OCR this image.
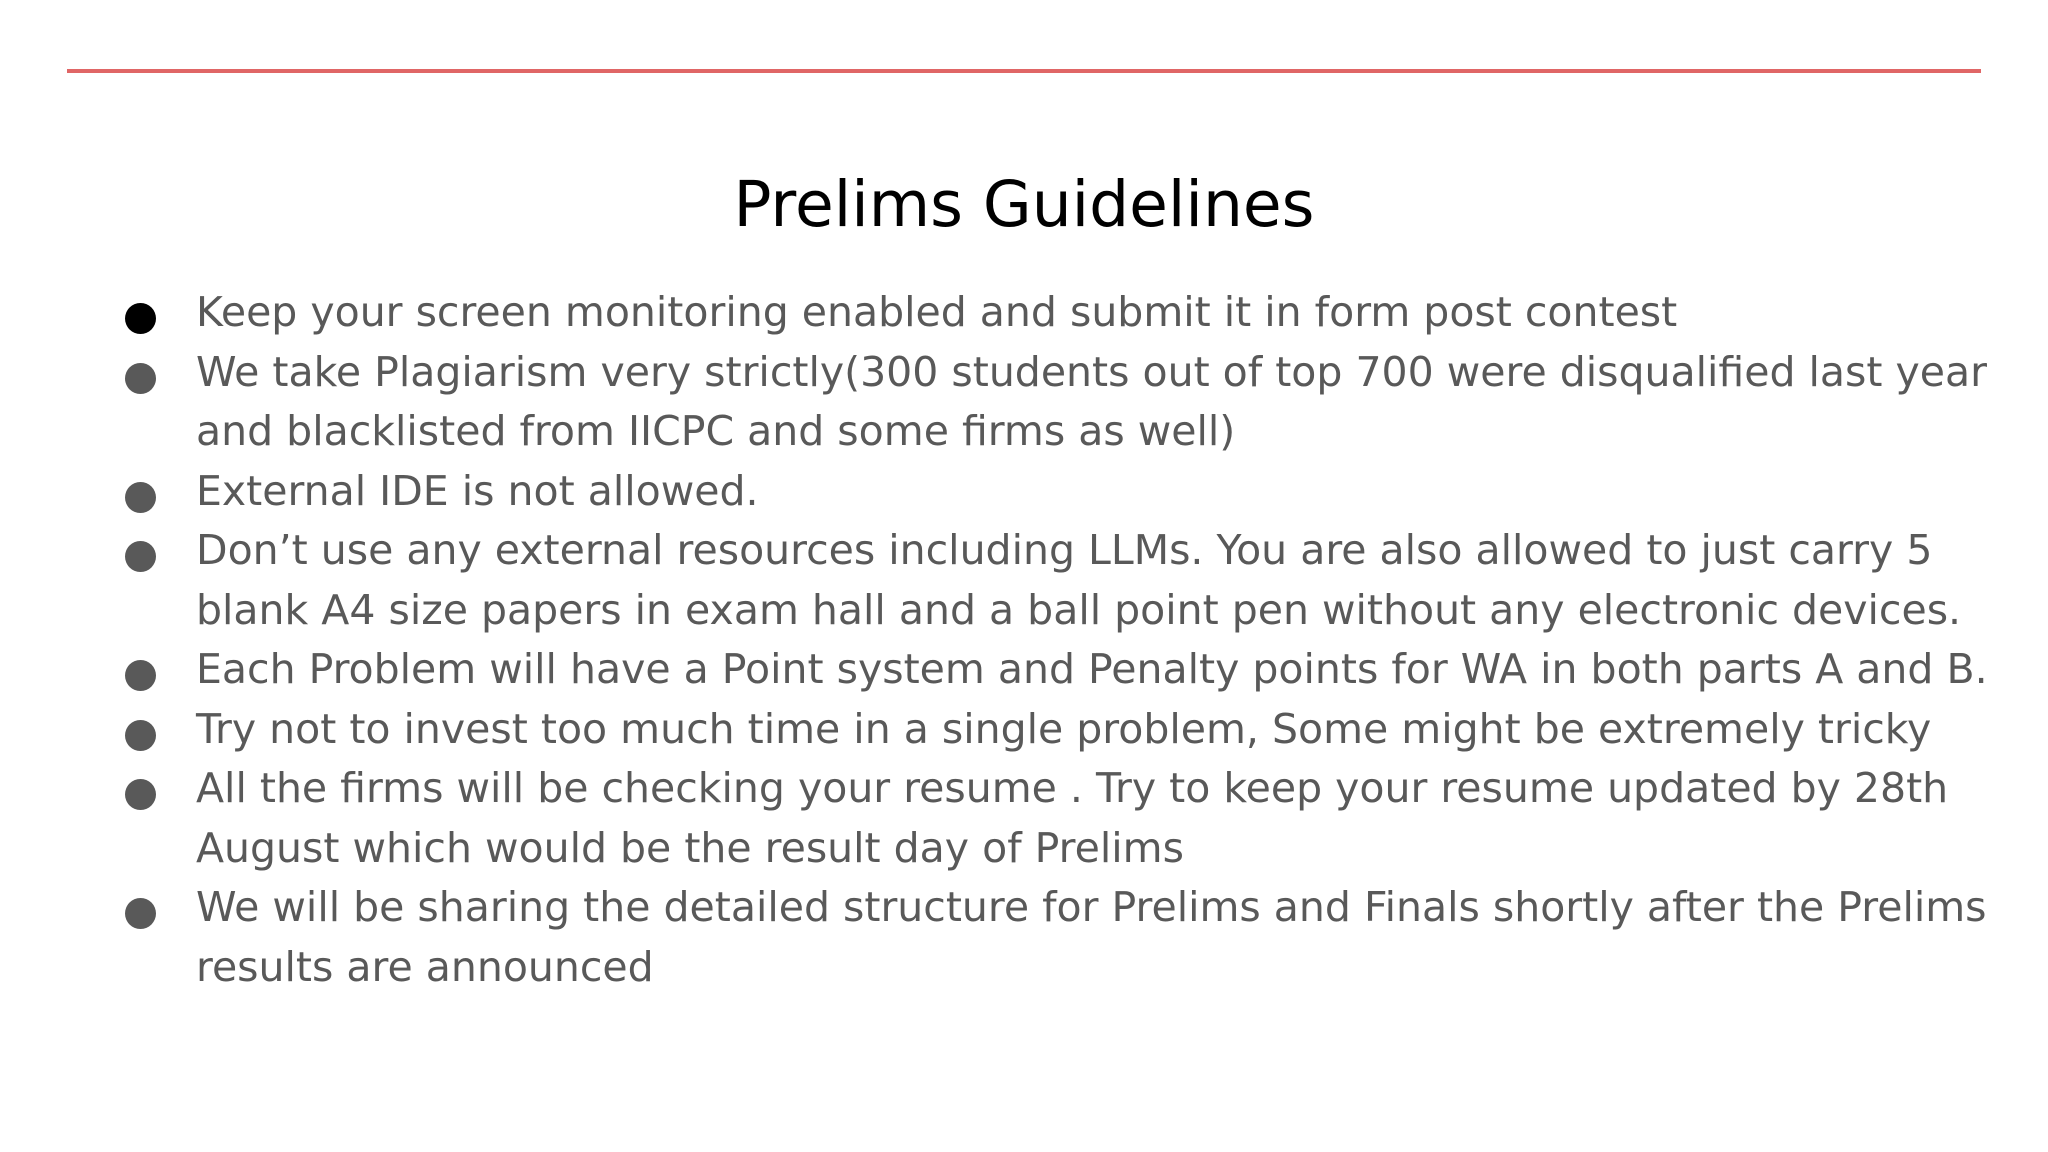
Prelims Guidelines
Keep your screen monitoring enabled and submit it in form post contest
We take Plagiarism very strictly(300 students out of top 700 were disqualified last year and blacklisted from IICPC and some firms as well)
External IDE is not allowed.
Don’t use any external resources including LLMs. You are also allowed to just carry 5 blank A4 size papers in exam hall and a ball point pen without any electronic devices.
Each Problem will have a Point system and Penalty points for WA in both parts A and B.
Try not to invest too much time in a single problem, Some might be extremely tricky
All the firms will be checking your resume . Try to keep your resume updated by 28th August which would be the result day of Prelims
We will be sharing the detailed structure for Prelims and Finals shortly after the Prelims results are announced
